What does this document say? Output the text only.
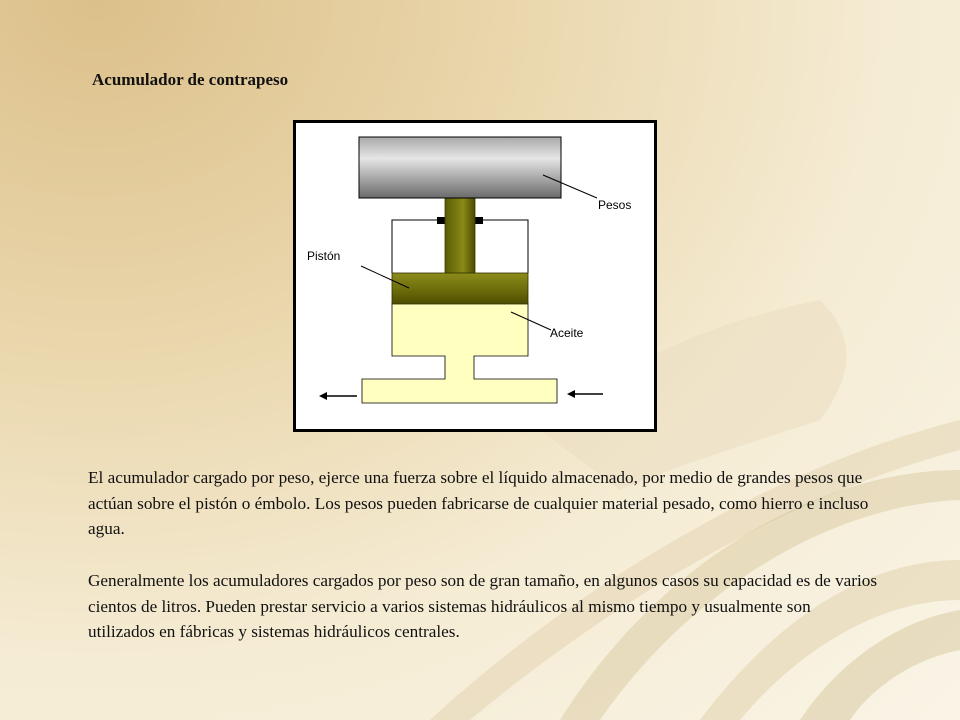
Acumulador de contrapeso
Pesos
Pistón
Aceite

El acumulador cargado por peso, ejerce una fuerza sobre el líquido almacenado, por medio de grandes pesos que actúan sobre el pistón o émbolo. Los pesos pueden fabricarse de cualquier material pesado, como hierro e incluso agua.

Generalmente los acumuladores cargados por peso son de gran tamaño, en algunos casos su capacidad es de varios cientos de litros. Pueden prestar servicio a varios sistemas hidráulicos al mismo tiempo y usualmente son utilizados en fábricas y sistemas hidráulicos centrales.
